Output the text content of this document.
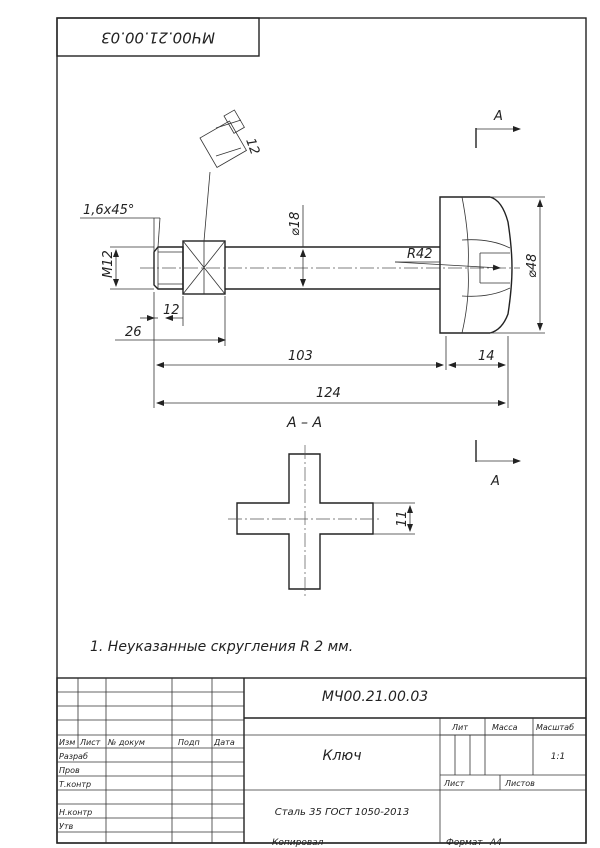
МЧ00.21.00.03
А
А
12
1,6x45°
M12
⌀18
R42	⌀48
12
26
103	14
124
А – А
11
1. Неуказанные скругления R 2 мм.
МЧ00.21.00.03
Ключ
Сталь 35 ГОСТ 1050-2013
Изм Лист № докум	Подп Дата
Разраб
Пров
Т.контр
Н.контр
Утв
Лит	Масса Масштаб
1:1
Лист	Листов
Копировал	Формат А4
